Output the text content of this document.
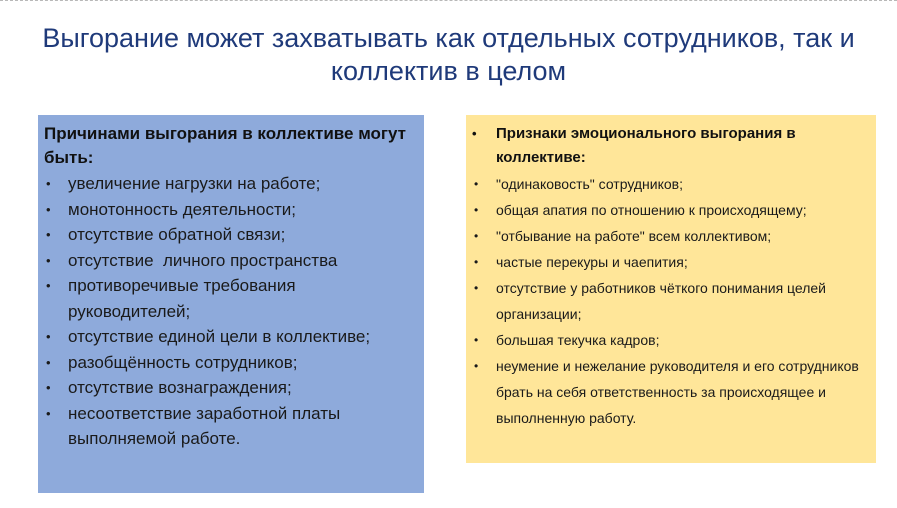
Выгорание может захватывать как отдельных сотрудников, так и коллектив в целом
Причинами выгорания в коллективе могут быть:
•	увеличение нагрузки на работе;
•	монотонность деятельности;
•	отсутствие обратной связи;
•	отсутствие  личного пространства
•	противоречивые требования руководителей;
•	отсутствие единой цели в коллективе;
•	разобщённость сотрудников;
•	отсутствие вознаграждения;
•	несоответствие заработной платы выполняемой работе.
•	Признаки эмоционального выгорания в коллективе:
•	"одинаковость" сотрудников;
•	общая апатия по отношению к происходящему;
•	"отбывание на работе" всем коллективом;
•	частые перекуры и чаепития;
•	отсутствие у работников чёткого понимания целей организации;
•	большая текучка кадров;
•	неумение и нежелание руководителя и его сотрудников брать на себя ответственность за происходящее и выполненную работу.
